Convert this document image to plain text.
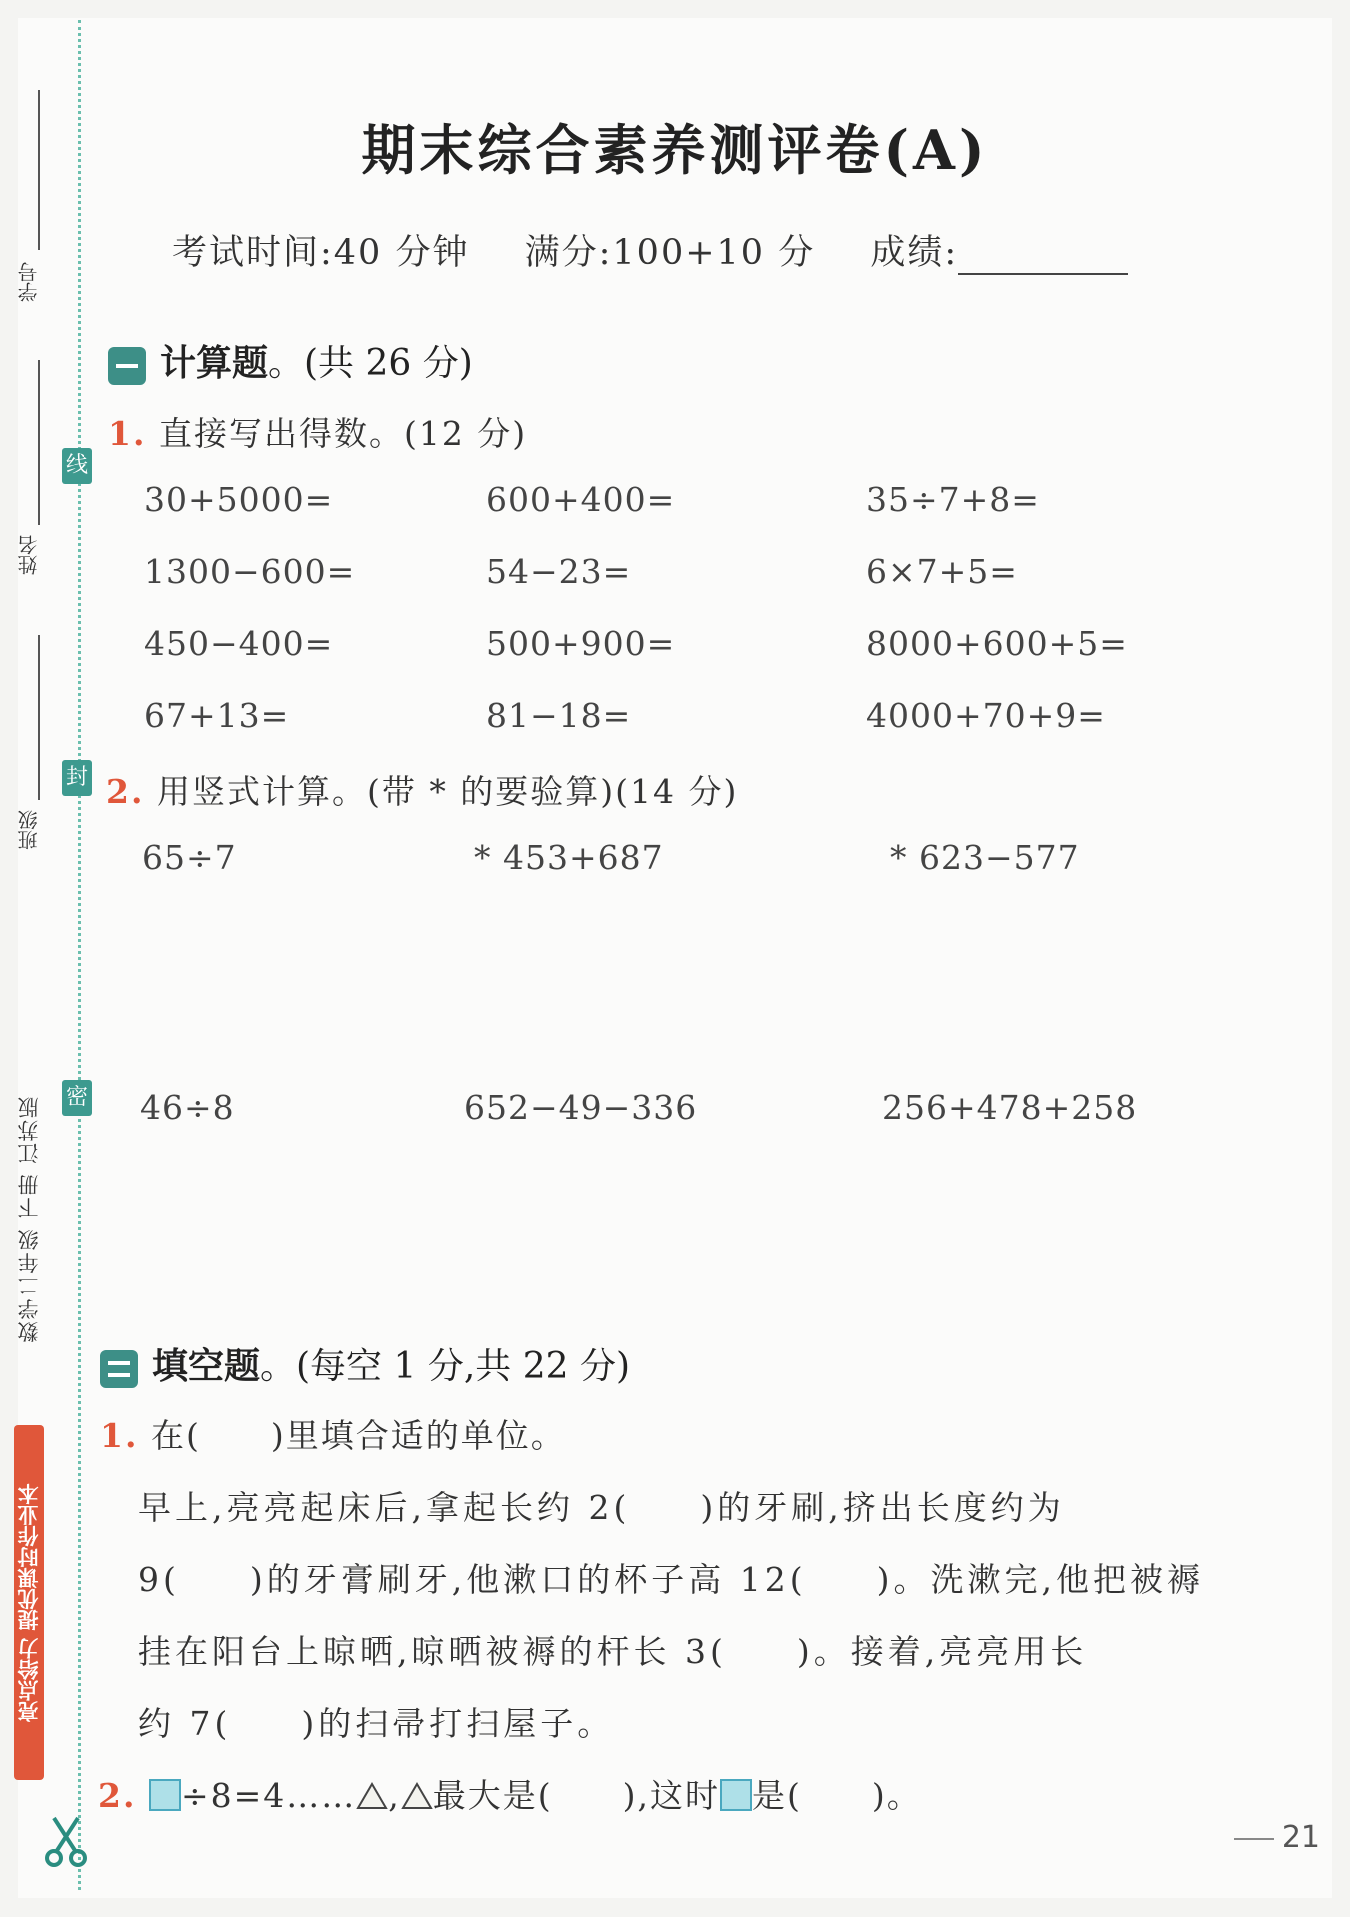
学号
姓名
班级
线
封
密
数学二年级 下册 江苏版
亮点给力 提优课时作业本
期末综合素养测评卷(A)
考试时间:40 分钟 满分:100+10 分 成绩:
计算题。(共 26 分)
1. 直接写出得数。(12 分)
30+5000=	600+400=	35÷7+8=
1300−600=	54−23=	6×7+5=
450−400=	500+900=	8000+600+5=
67+13=	81−18=	4000+70+9=
2. 用竖式计算。(带 * 的要验算)(14 分)
65÷7	* 453+687	* 623−577
46÷8	652−49−336	256+478+258
填空题。(每空 1 分,共 22 分)
1. 在( )里填合适的单位。
早上,亮亮起床后,拿起长约 2( )的牙刷,挤出长度约为
9( )的牙膏刷牙,他漱口的杯子高 12( )。洗漱完,他把被褥
挂在阳台上晾晒,晾晒被褥的杆长 3( )。接着,亮亮用长
约 7( )的扫帚打扫屋子。
2. ÷8=4…… , 最大是( ),这时 是( )。
21
